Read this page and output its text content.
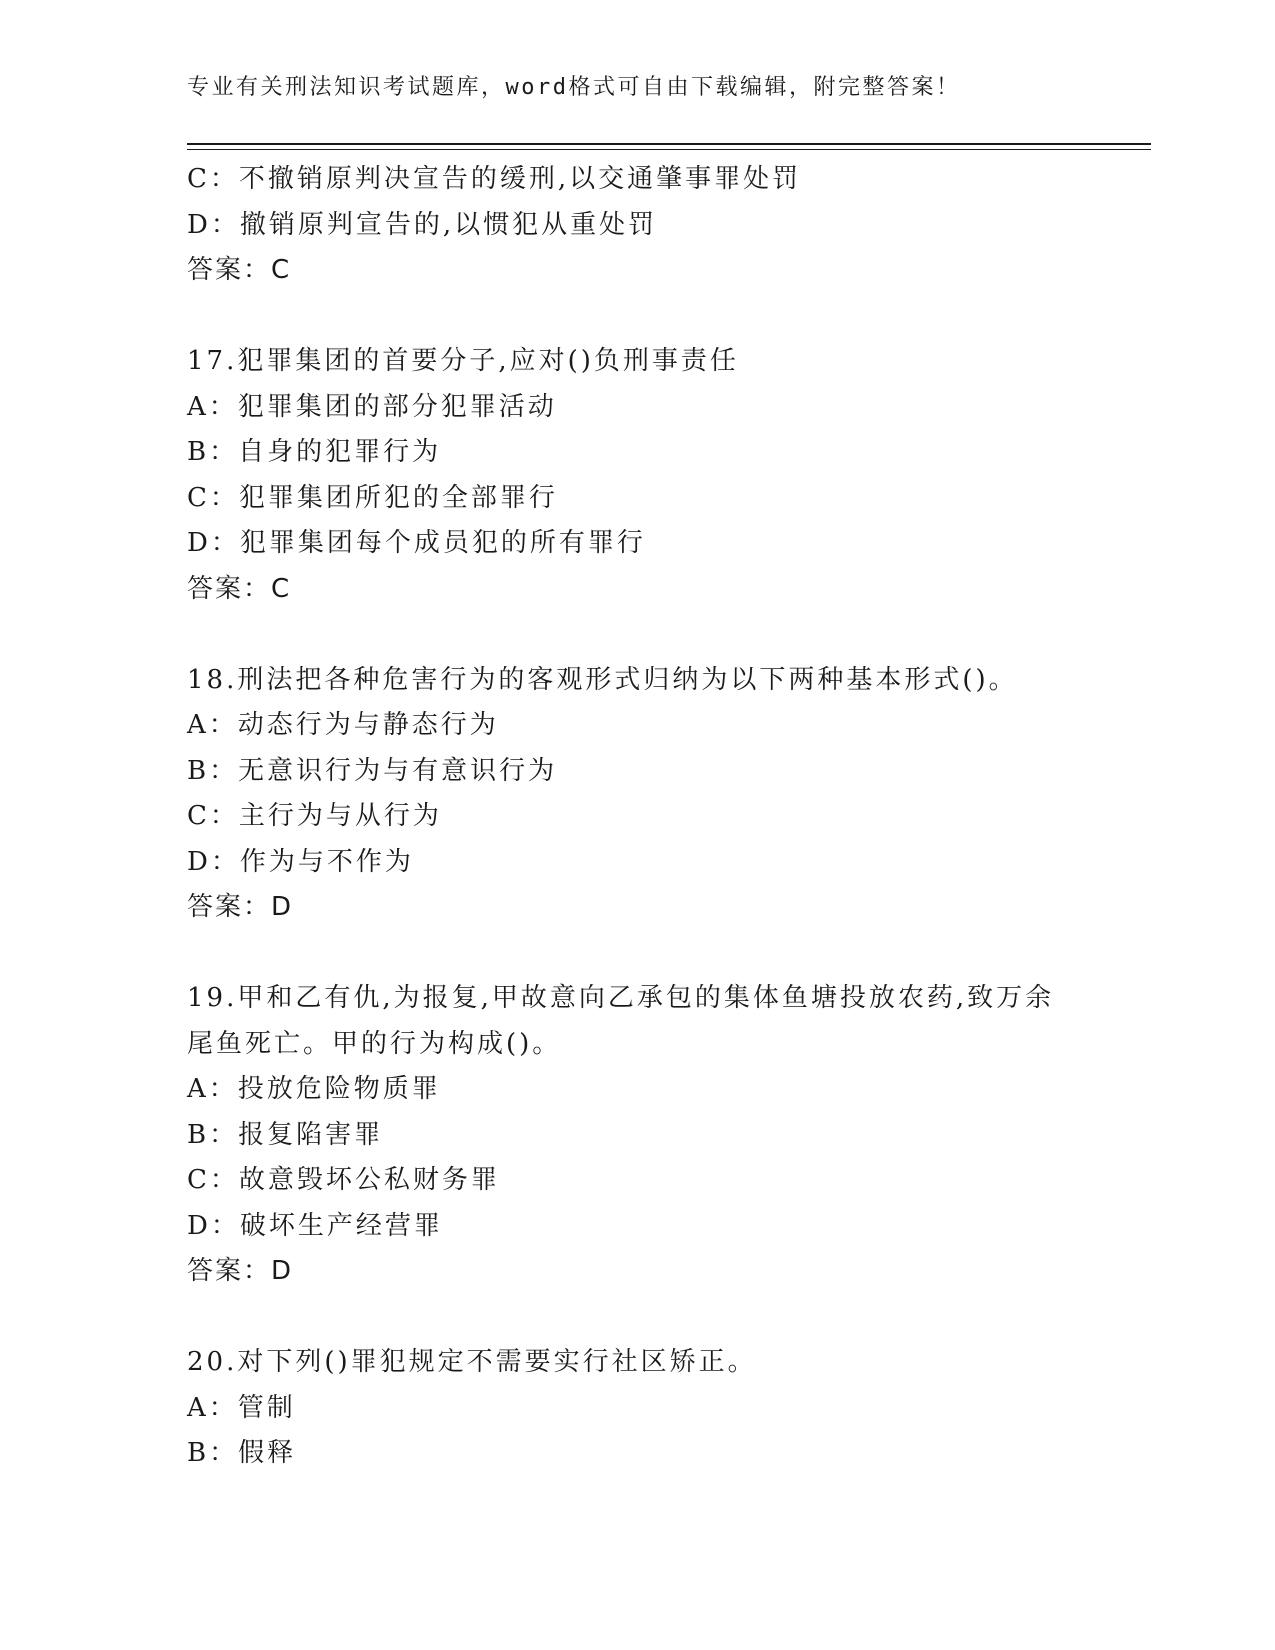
专业有关刑法知识考试题库，word格式可自由下载编辑，附完整答案！
C：不撤销原判决宣告的缓刑,以交通肇事罪处罚
D：撤销原判宣告的,以惯犯从重处罚
答案：C
17.犯罪集团的首要分子,应对()负刑事责任
A：犯罪集团的部分犯罪活动
B：自身的犯罪行为
C：犯罪集团所犯的全部罪行
D：犯罪集团每个成员犯的所有罪行
答案：C
18.刑法把各种危害行为的客观形式归纳为以下两种基本形式()。
A：动态行为与静态行为
B：无意识行为与有意识行为
C：主行为与从行为
D：作为与不作为
答案：D
19.甲和乙有仇,为报复,甲故意向乙承包的集体鱼塘投放农药,致万余
尾鱼死亡。甲的行为构成()。
A：投放危险物质罪
B：报复陷害罪
C：故意毁坏公私财务罪
D：破坏生产经营罪
答案：D
20.对下列()罪犯规定不需要实行社区矫正。
A：管制
B：假释
